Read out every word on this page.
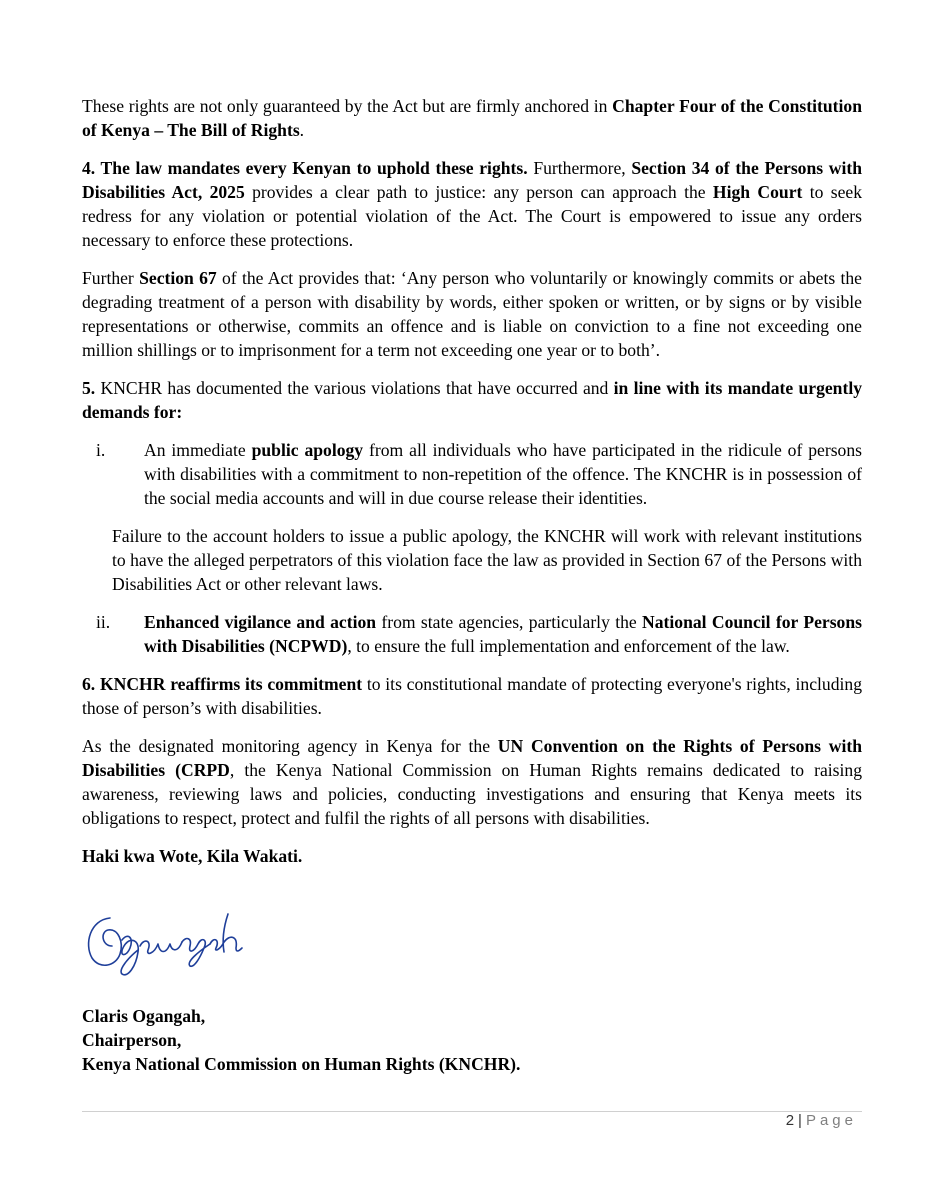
These rights are not only guaranteed by the Act but are firmly anchored in Chapter Four of the Constitution of Kenya – The Bill of Rights.

4. The law mandates every Kenyan to uphold these rights. Furthermore, Section 34 of the Persons with Disabilities Act, 2025 provides a clear path to justice: any person can approach the High Court to seek redress for any violation or potential violation of the Act. The Court is empowered to issue any orders necessary to enforce these protections.

Further Section 67 of the Act provides that: ‘Any person who voluntarily or knowingly commits or abets the degrading treatment of a person with disability by words, either spoken or written, or by signs or by visible representations or otherwise, commits an offence and is liable on conviction to a fine not exceeding one million shillings or to imprisonment for a term not exceeding one year or to both’.

5. KNCHR has documented the various violations that have occurred and in line with its mandate urgently demands for:

i.	An immediate public apology from all individuals who have participated in the ridicule of persons with disabilities with a commitment to non-repetition of the offence. The KNCHR is in possession of the social media accounts and will in due course release their identities.

Failure to the account holders to issue a public apology, the KNCHR will work with relevant institutions to have the alleged perpetrators of this violation face the law as provided in Section 67 of the Persons with Disabilities Act or other relevant laws.

ii.	Enhanced vigilance and action from state agencies, particularly the National Council for Persons with Disabilities (NCPWD), to ensure the full implementation and enforcement of the law.

6. KNCHR reaffirms its commitment to its constitutional mandate of protecting everyone's rights, including those of person’s with disabilities.

As the designated monitoring agency in Kenya for the UN Convention on the Rights of Persons with Disabilities (CRPD, the Kenya National Commission on Human Rights remains dedicated to raising awareness, reviewing laws and policies, conducting investigations and ensuring that Kenya meets its obligations to respect, protect and fulfil the rights of all persons with disabilities.

Haki kwa Wote, Kila Wakati.

Claris Ogangah,
Chairperson,
Kenya National Commission on Human Rights (KNCHR).
2 | Page
